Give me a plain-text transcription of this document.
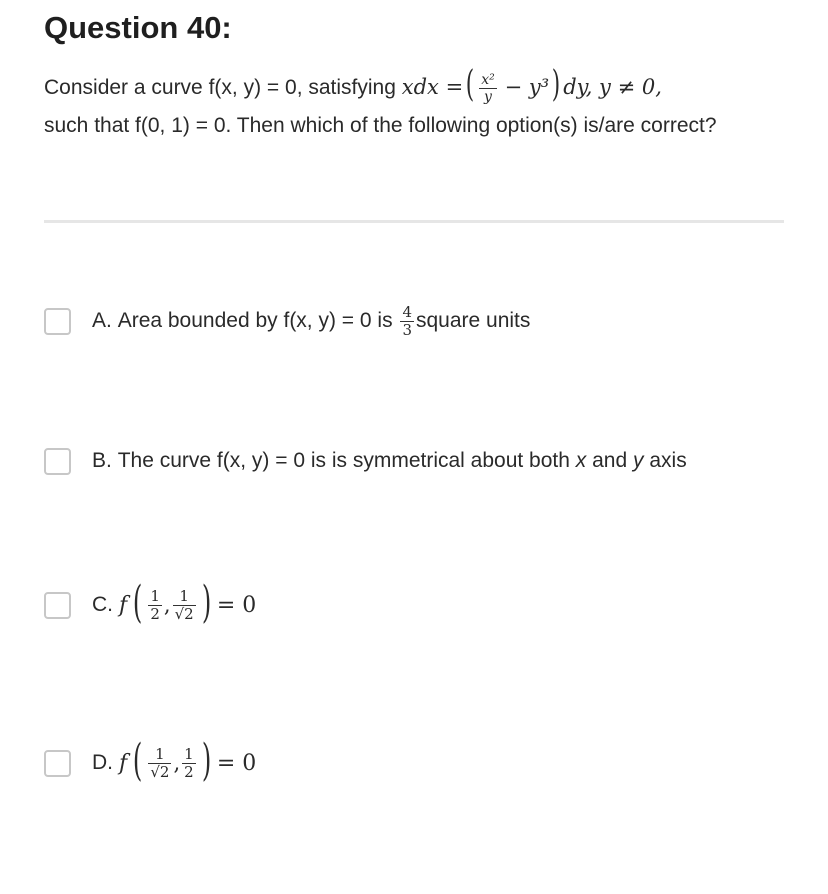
Question 40:
Consider a curve f(x, y) = 0, satisfying xdx =( $\frac{\text{x²}}{y} - y^3$) dy, y ≠ 0,
such that f(0, 1) = 0. Then which of the following option(s) is/are correct?
A.
Area bounded by f(x, y) = 0 is
$\frac{4}{3}$ square units
B.
The curve f(x, y) = 0 is is symmetrical about both
x
and
y
axis
C. f ( $\frac{1}{2}$ , $\frac{1}{√2}$ ) = 0
D. f ( $\frac{1}{√2}$ , $\frac{1}{2}$ ) = 0
